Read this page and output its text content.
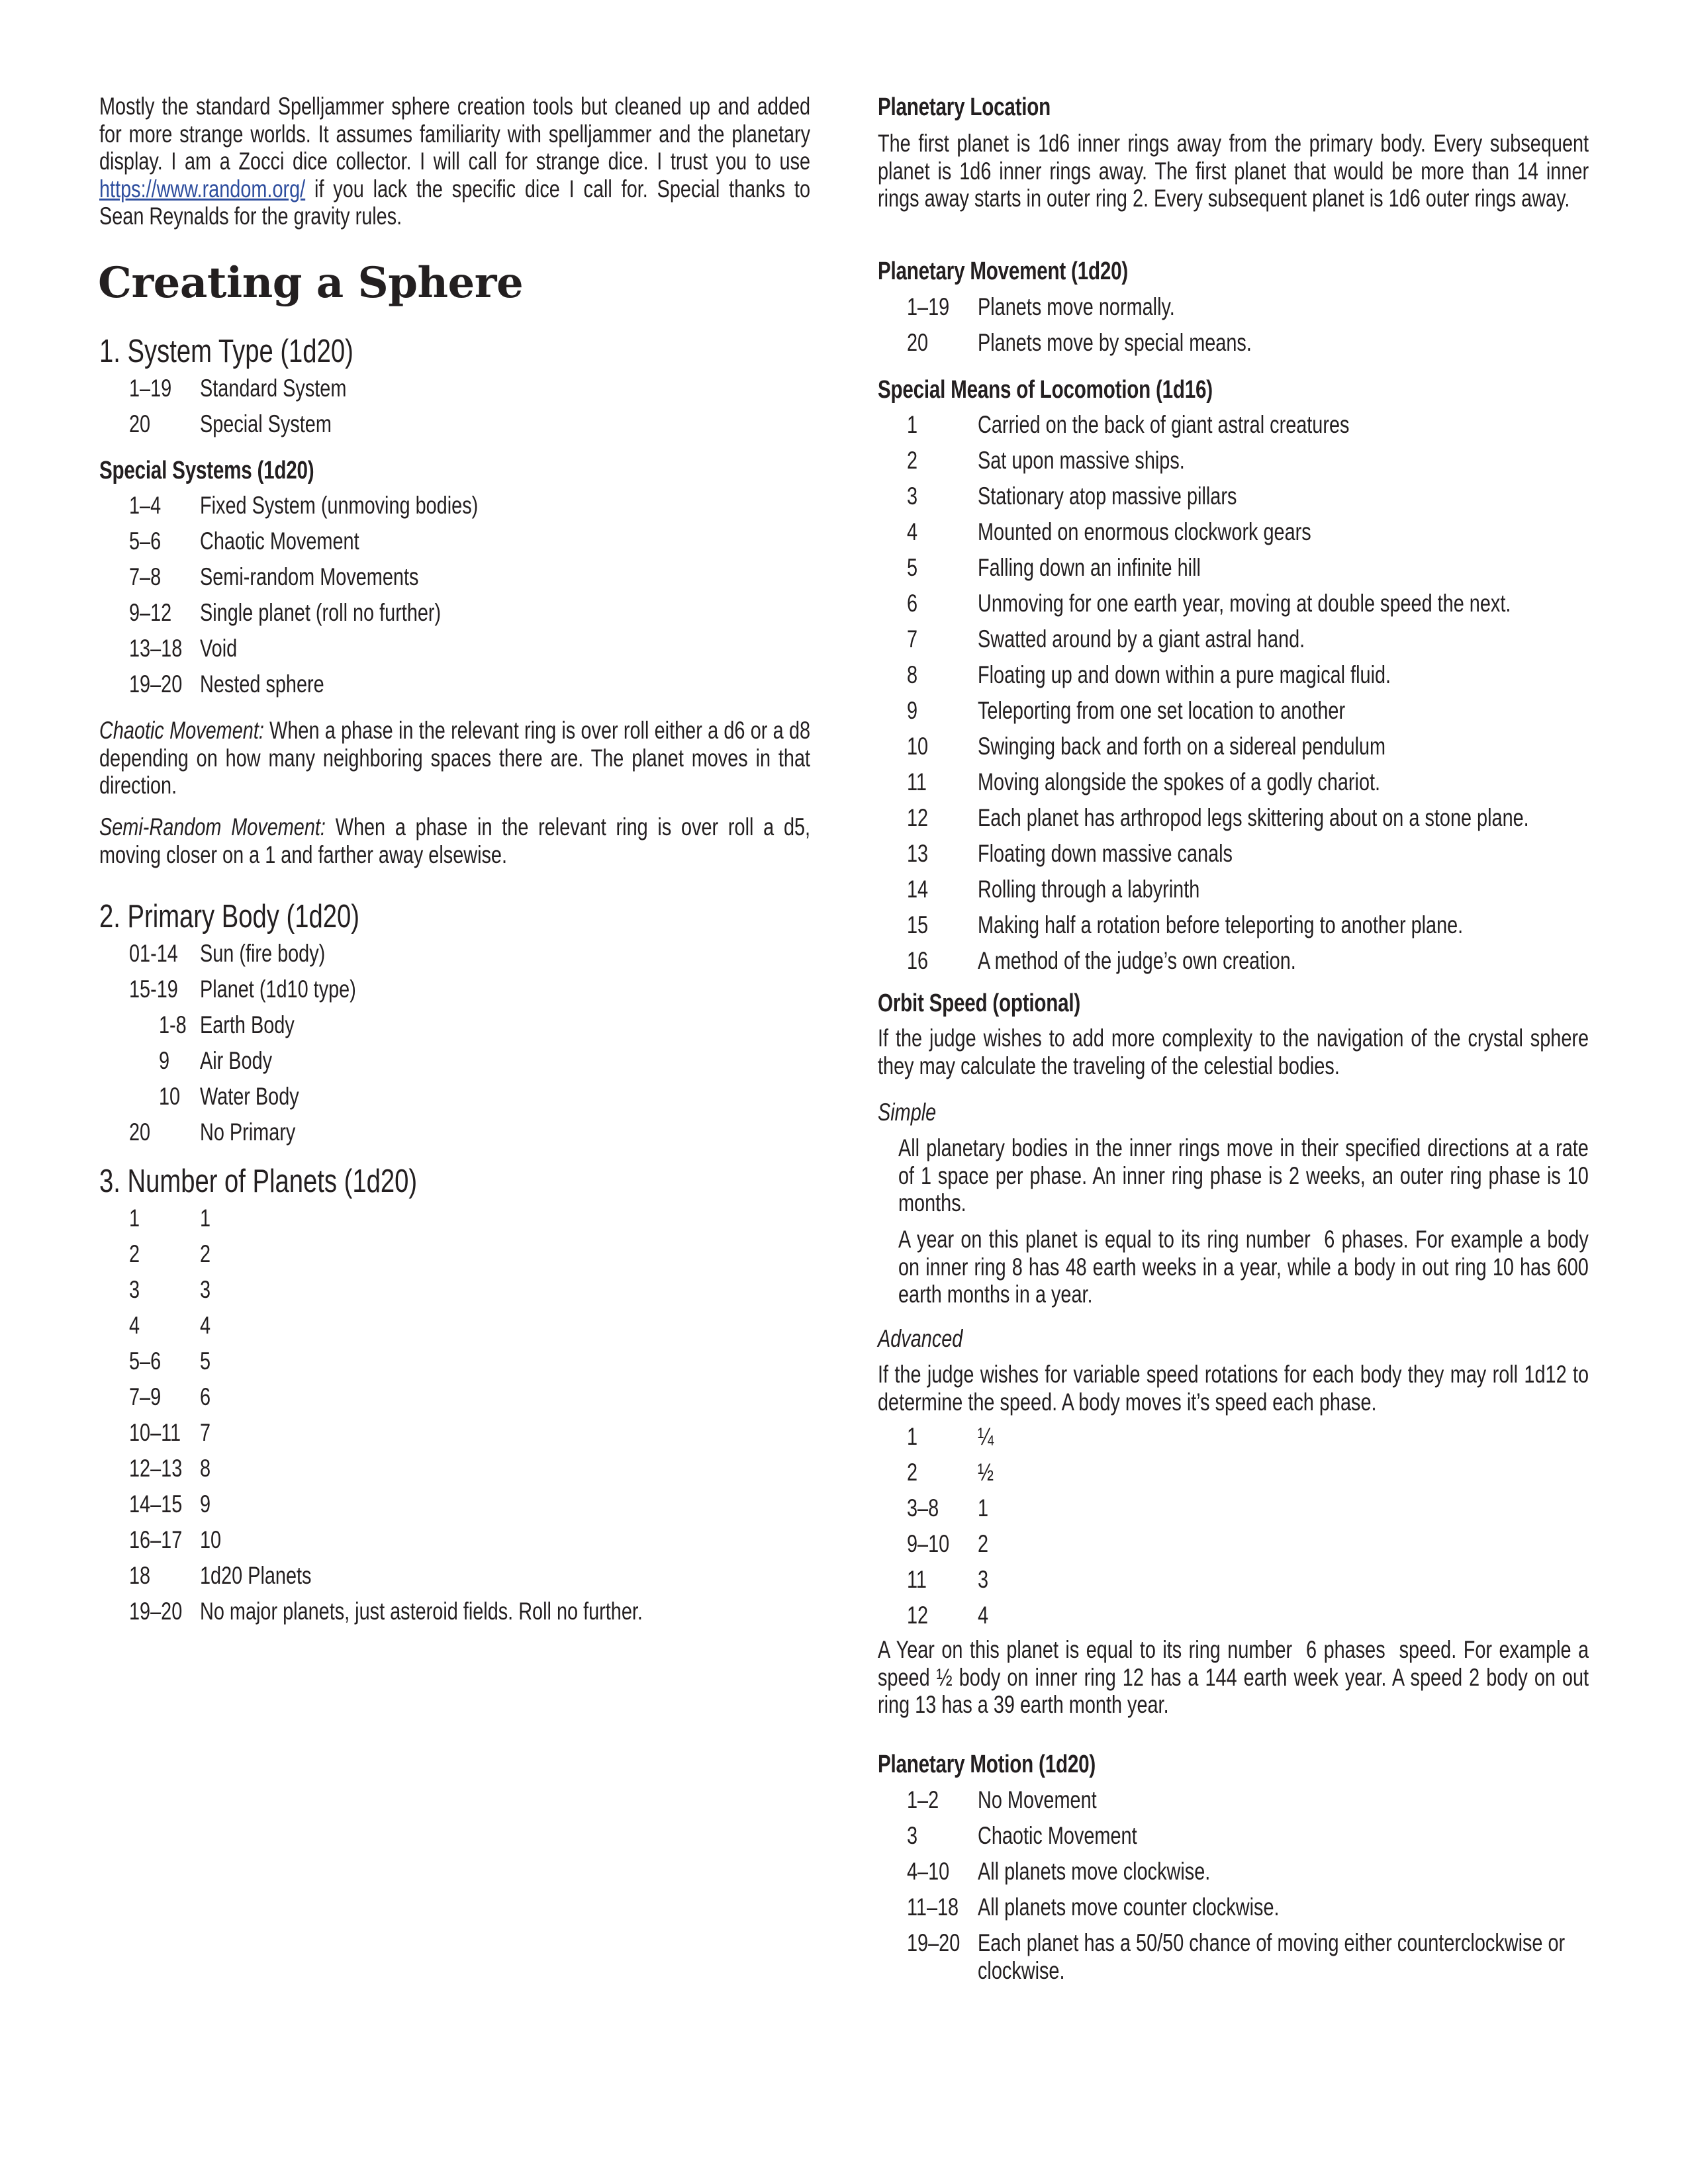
Mostly the standard Spelljammer sphere creation tools but cleaned up and added for more strange worlds. It assumes familiarity with spelljammer and the planetary display. I am a Zocci dice collector. I will call for strange dice. I trust you to use https://www.random.org/ if you lack the specific dice I call for. Special thanks to Sean Reynalds for the gravity rules.
Creating a Sphere
1. System Type (1d20)
1–19 Standard System
20 Special System
Special Systems (1d20)
1–4 Fixed System (unmoving bodies)
5–6 Chaotic Movement
7–8 Semi-random Movements
9–12 Single planet (roll no further)
13–18 Void
19–20 Nested sphere
Chaotic Movement: When a phase in the relevant ring is over roll either a d6 or a d8 depending on how many neighboring spaces there are. The planet moves in that direction.
Semi-Random Movement: When a phase in the relevant ring is over roll a d5, moving closer on a 1 and farther away elsewise.
2. Primary Body (1d20)
01-14 Sun (fire body)
15-19 Planet (1d10 type)
1-8 Earth Body
9 Air Body
10 Water Body
20 No Primary
3. Number of Planets (1d20)
1 1
2 2
3 3
4 4
5–6 5
7–9 6
10–11 7
12–13 8
14–15 9
16–17 10
18 1d20 Planets
19–20 No major planets, just asteroid fields. Roll no further.
Planetary Location
The first planet is 1d6 inner rings away from the primary body. Every subsequent planet is 1d6 inner rings away. The first planet that would be more than 14 inner rings away starts in outer ring 2. Every subsequent planet is 1d6 outer rings away.
Planetary Movement (1d20)
1–19 Planets move normally.
20 Planets move by special means.
Special Means of Locomotion (1d16)
1 Carried on the back of giant astral creatures
2 Sat upon massive ships.
3 Stationary atop massive pillars
4 Mounted on enormous clockwork gears
5 Falling down an infinite hill
6 Unmoving for one earth year, moving at double speed the next.
7 Swatted around by a giant astral hand.
8 Floating up and down within a pure magical fluid.
9 Teleporting from one set location to another
10 Swinging back and forth on a sidereal pendulum
11 Moving alongside the spokes of a godly chariot.
12 Each planet has arthropod legs skittering about on a stone plane.
13 Floating down massive canals
14 Rolling through a labyrinth
15 Making half a rotation before teleporting to another plane.
16 A method of the judge’s own creation.
Orbit Speed (optional)
If the judge wishes to add more complexity to the navigation of the crystal sphere they may calculate the traveling of the celestial bodies.
Simple
All planetary bodies in the inner rings move in their specified directions at a rate of 1 space per phase. An inner ring phase is 2 weeks, an outer ring phase is 10 months.
A year on this planet is equal to its ring number  6 phases. For example a body on inner ring 8 has 48 earth weeks in a year, while a body in out ring 10 has 600 earth months in a year.
Advanced
If the judge wishes for variable speed rotations for each body they may roll 1d12 to determine the speed. A body moves it’s speed each phase.
1 ¼
2 ½
3–8 1
9–10 2
11 3
12 4
A Year on this planet is equal to its ring number  6 phases  speed. For example a speed ½ body on inner ring 12 has a 144 earth week year. A speed 2 body on out ring 13 has a 39 earth month year.
Planetary Motion (1d20)
1–2 No Movement
3 Chaotic Movement
4–10 All planets move clockwise.
11–18 All planets move counter clockwise.
19–20 Each planet has a 50/50 chance of moving either counterclockwise or clockwise.
